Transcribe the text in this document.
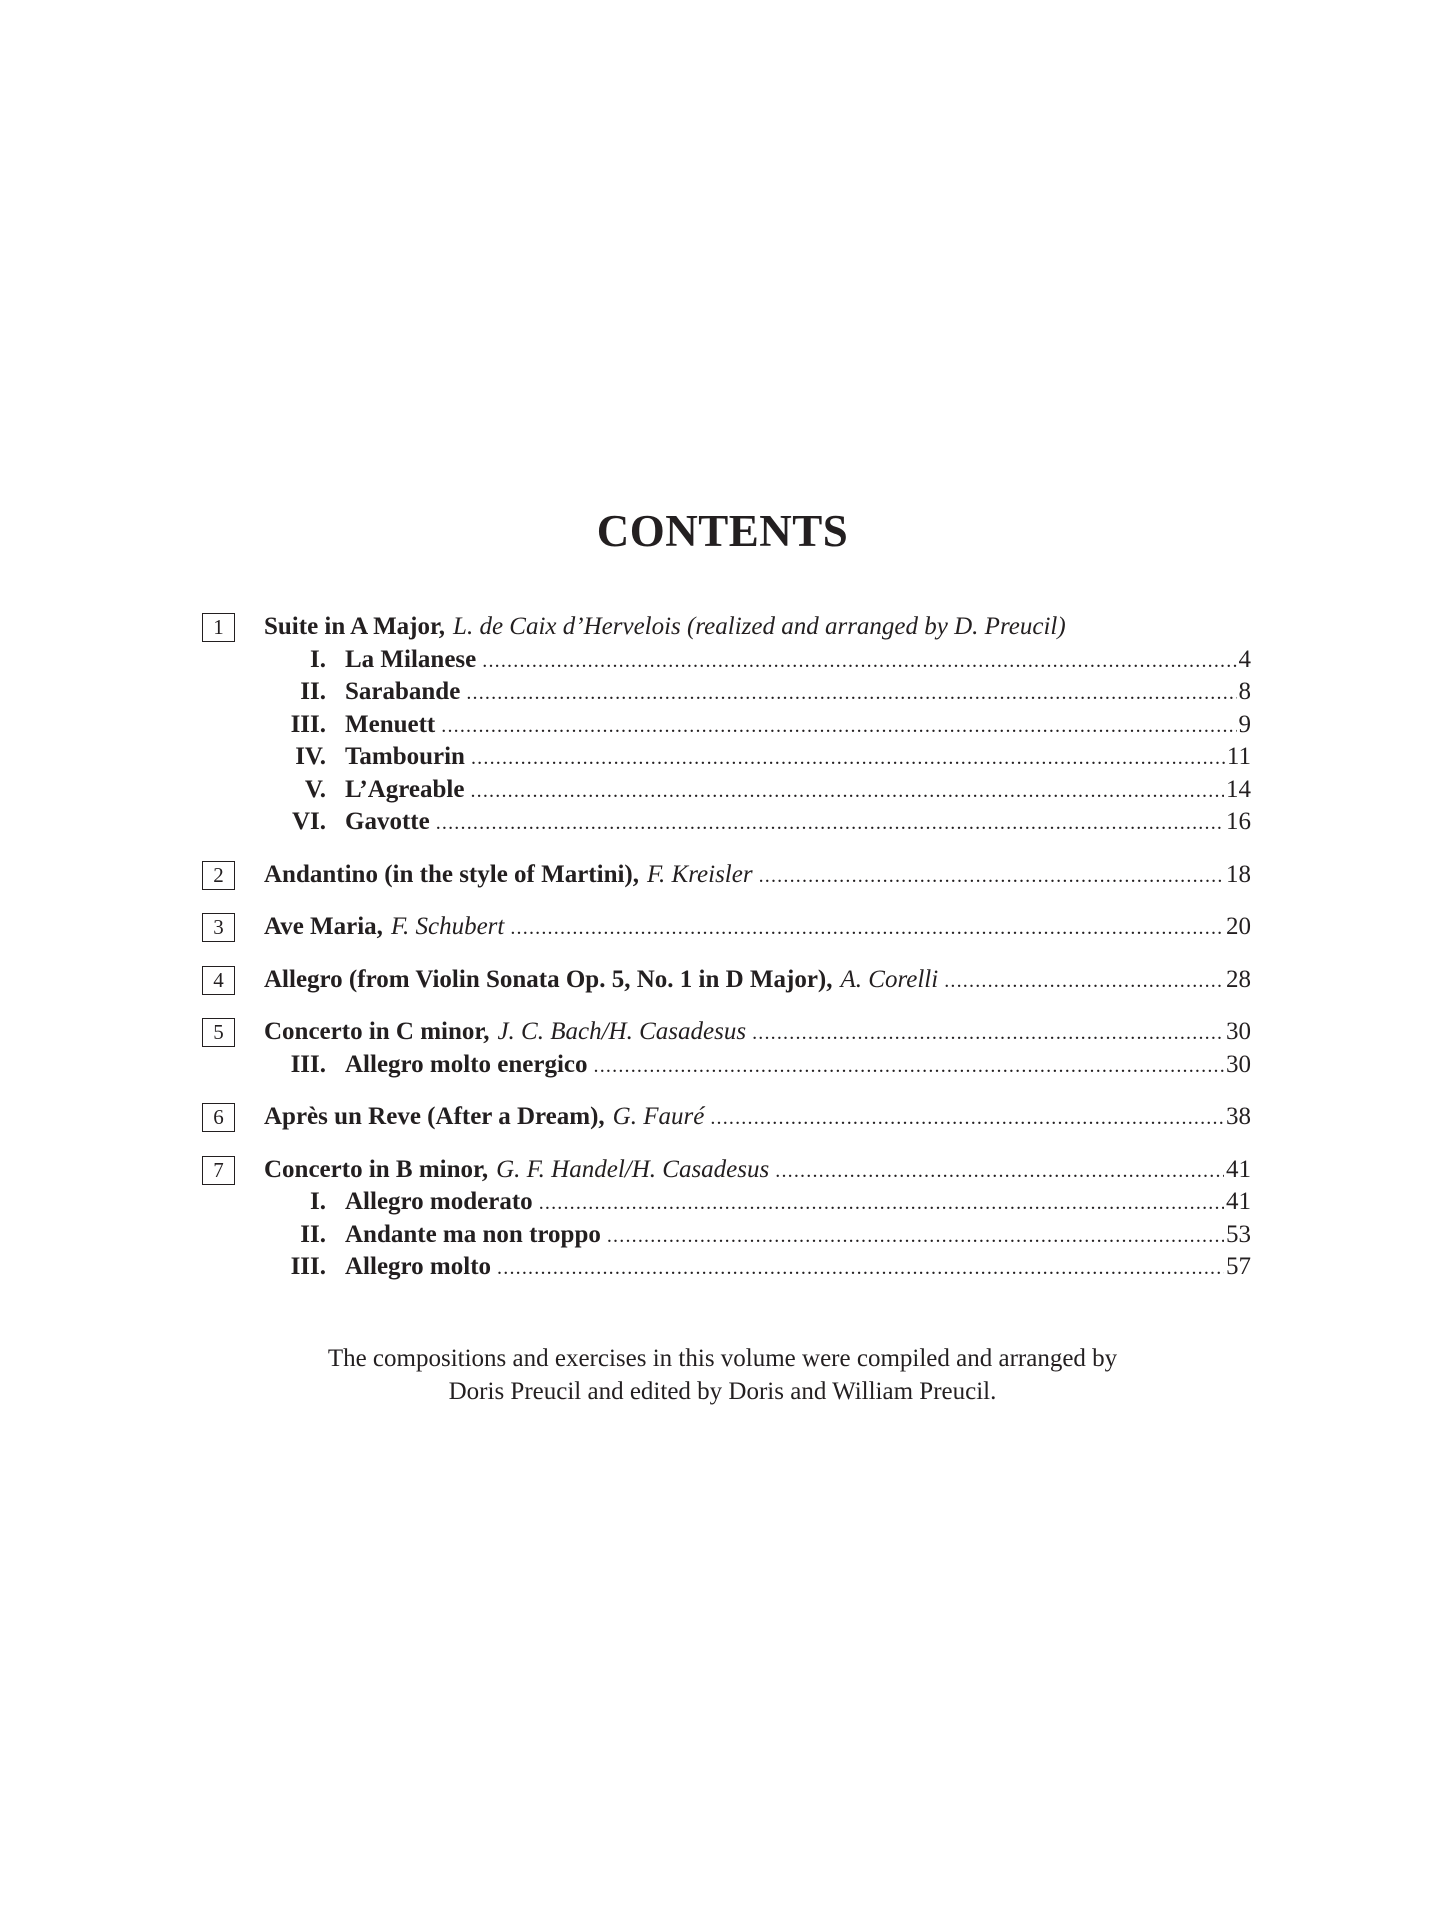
CONTENTS
1	Suite in A Major, L. de Caix d’Hervelois (realized and arranged by D. Preucil)
I. La Milanese .....	4
II. Sarabande .....	8
III. Menuett .....	9
IV. Tambourin .....	11
V. L’Agreable .....	14
VI. Gavotte .....	16
2	Andantino (in the style of Martini), F. Kreisler .....	18
3	Ave Maria, F. Schubert .....	20
4	Allegro (from Violin Sonata Op. 5, No. 1 in D Major), A. Corelli .....	28
5	Concerto in C minor, J. C. Bach/H. Casadesus .....	30
III. Allegro molto energico .....	30
6	Après un Reve (After a Dream), G. Fauré .....	38
7	Concerto in B minor, G. F. Handel/H. Casadesus .....	41
I. Allegro moderato .....	41
II. Andante ma non troppo .....	53
III. Allegro molto .....	57
The compositions and exercises in this volume were compiled and arranged by
Doris Preucil and edited by Doris and William Preucil.
